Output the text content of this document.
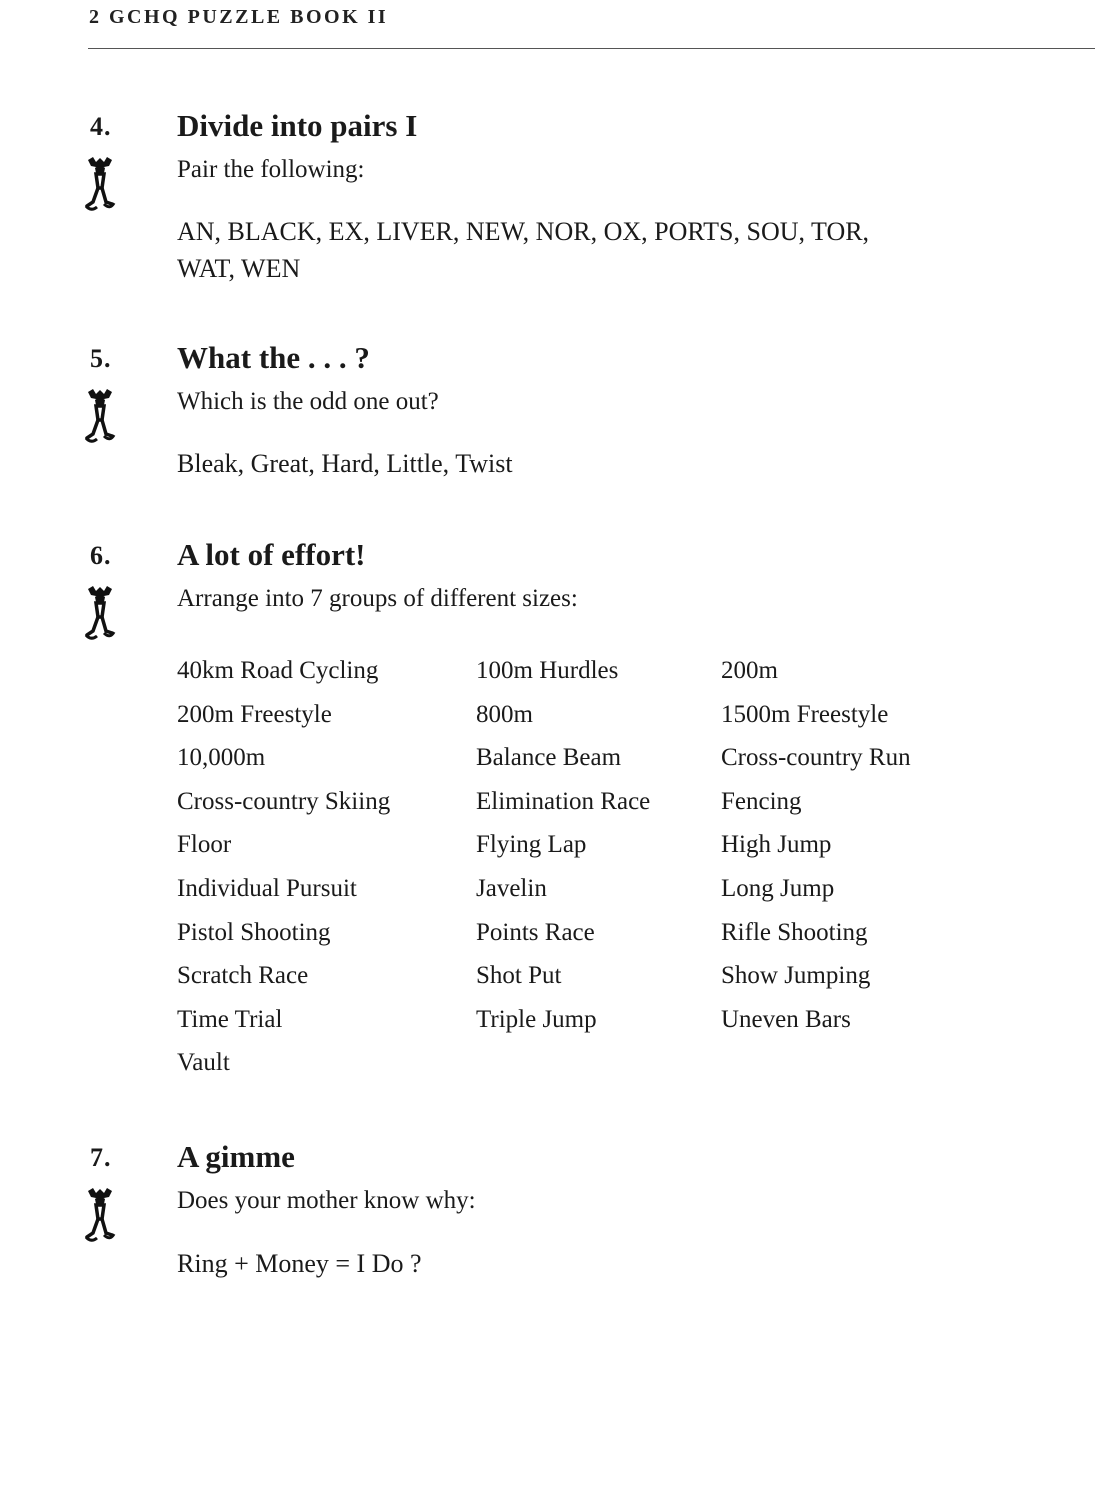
2 GCHQ PUZZLE BOOK II
4. Divide into pairs I
Pair the following:

AN, BLACK, EX, LIVER, NEW, NOR, OX, PORTS, SOU, TOR,

WAT, WEN

5. What the . . . ?
Which is the odd one out?

Bleak, Great, Hard, Little, Twist

6. A lot of effort!
Arrange into 7 groups of different sizes:
40km Road Cycling	100m Hurdles	200m
200m Freestyle	800m	1500m Freestyle
10,000m	Balance Beam	Cross-country Run
Cross-country Skiing	Elimination Race	Fencing
Floor	Flying Lap	High Jump
Individual Pursuit	Javelin	Long Jump
Pistol Shooting	Points Race	Rifle Shooting
Scratch Race	Shot Put	Show Jumping
Time Trial	Triple Jump	Uneven Bars
Vault
7. A gimme
Does your mother know why:

Ring + Money = I Do ?
